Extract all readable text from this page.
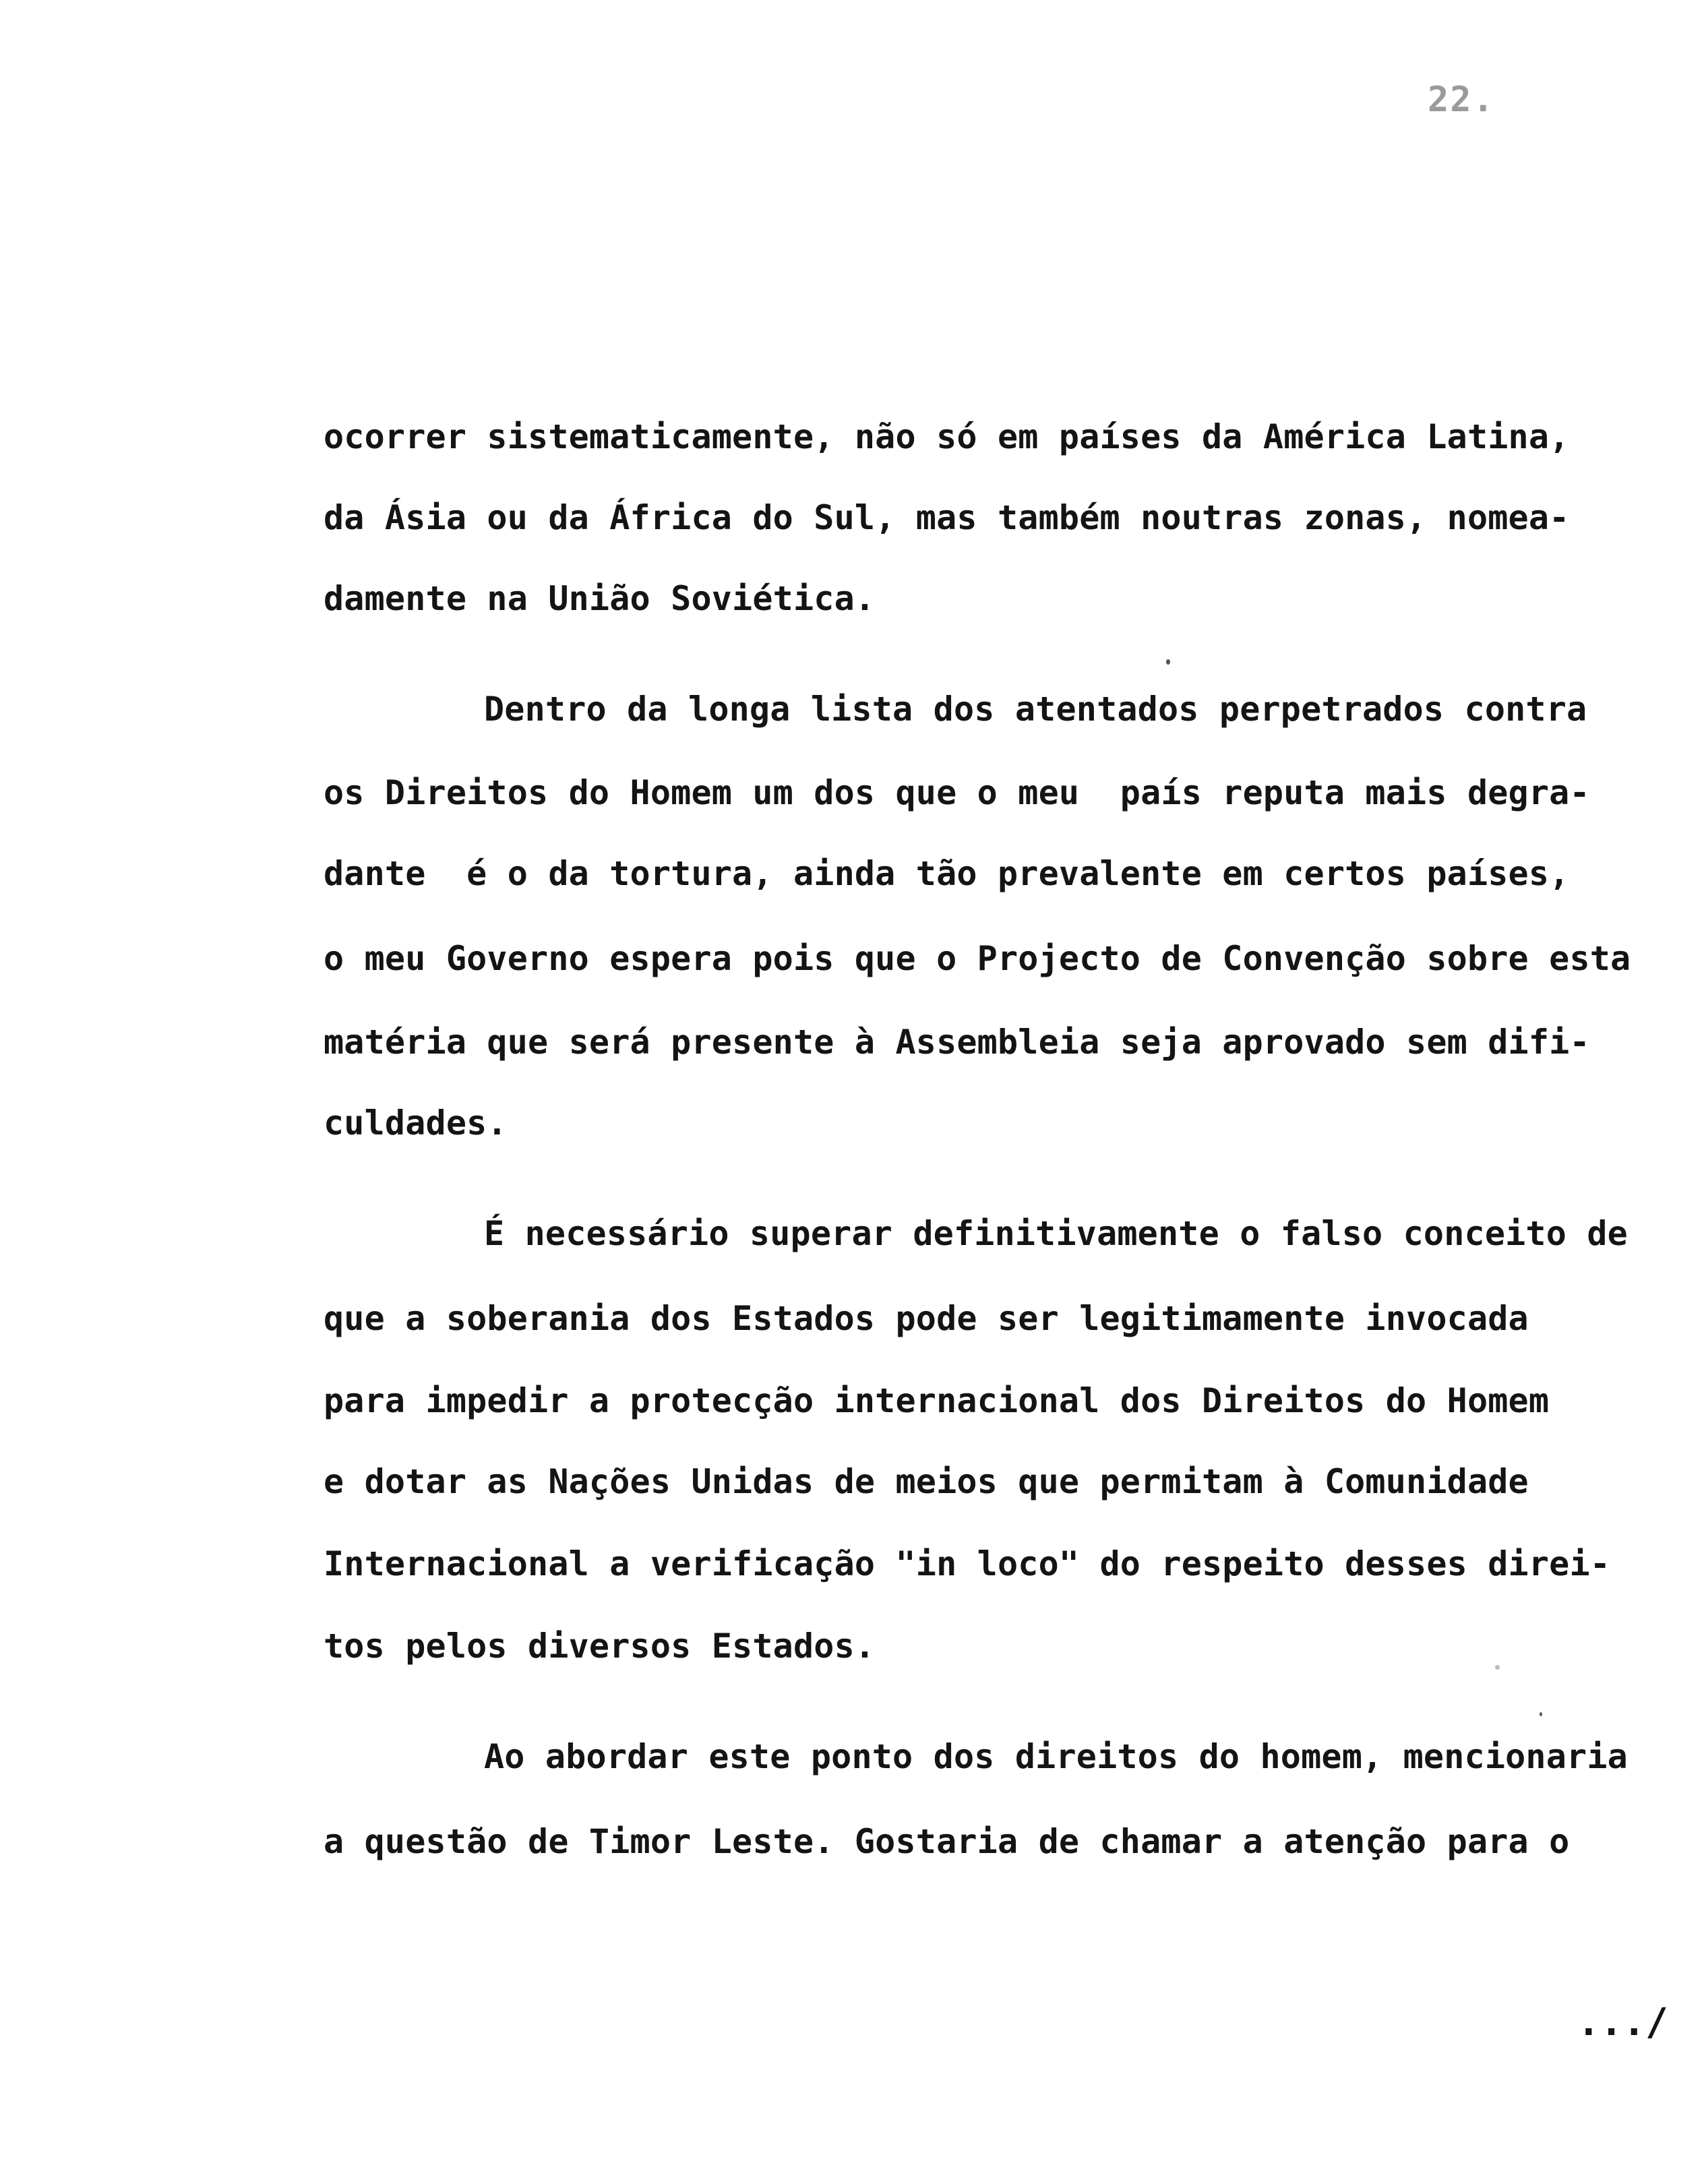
22.
ocorrer sistematicamente, não só em países da América Latina,
da Ásia ou da África do Sul, mas também noutras zonas, nomea-
damente na União Soviética.
Dentro da longa lista dos atentados perpetrados contra
os Direitos do Homem um dos que o meu  país reputa mais degra-
dante  é o da tortura, ainda tão prevalente em certos países,
o meu Governo espera pois que o Projecto de Convenção sobre esta
matéria que será presente à Assembleia seja aprovado sem difi-
culdades.
É necessário superar definitivamente o falso conceito de
que a soberania dos Estados pode ser legitimamente invocada
para impedir a protecção internacional dos Direitos do Homem
e dotar as Nações Unidas de meios que permitam à Comunidade
Internacional a verificação "in loco" do respeito desses direi-
tos pelos diversos Estados.
Ao abordar este ponto dos direitos do homem, mencionaria
a questão de Timor Leste. Gostaria de chamar a atenção para o
.../
